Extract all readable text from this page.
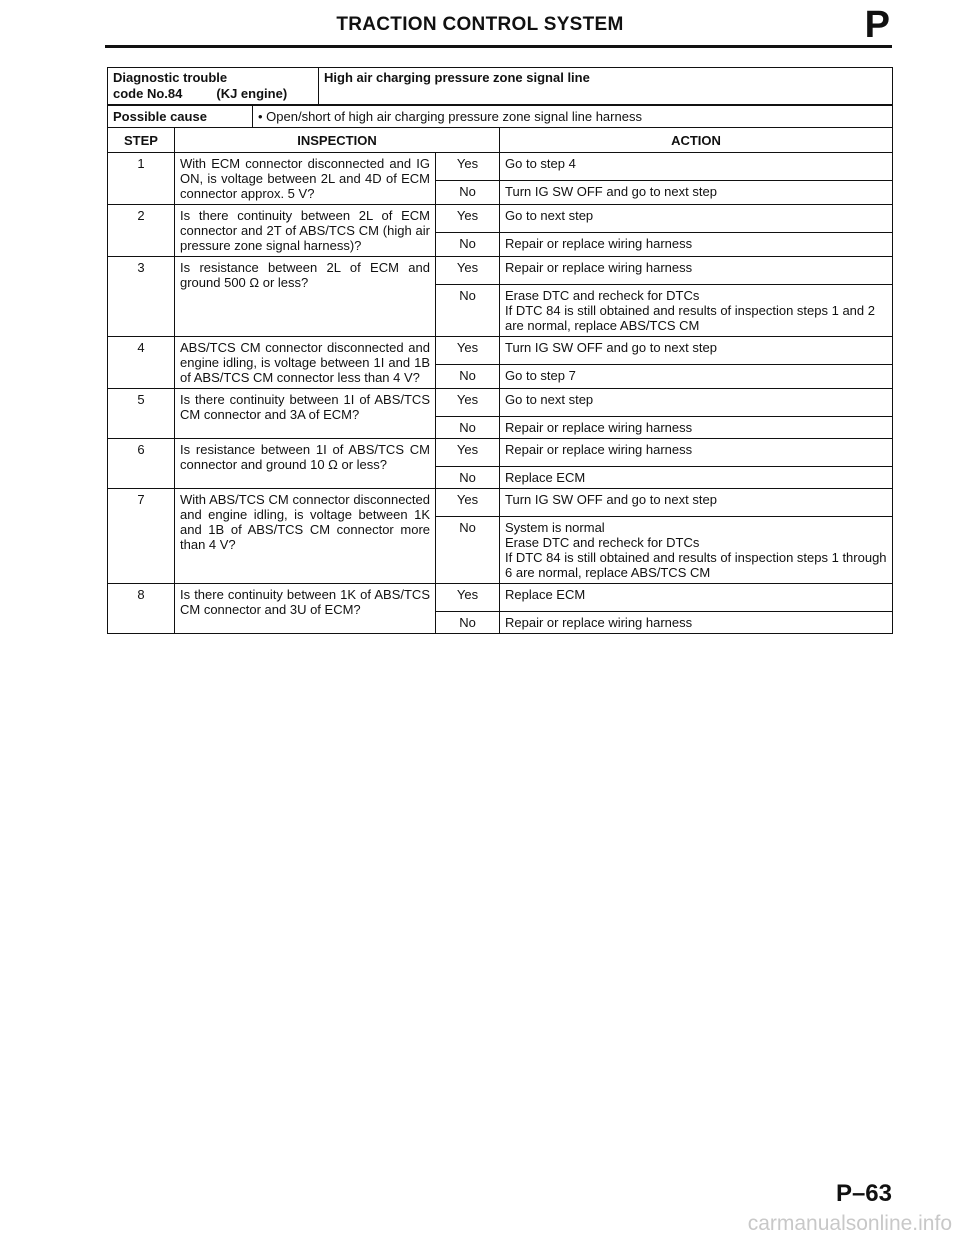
TRACTION CONTROL SYSTEM	P
Diagnostic trouble
code No.84	(KJ engine)
	High air charging pressure zone signal line
Possible cause	• Open/short of high air charging pressure zone signal line harness
STEP	INSPECTION		ACTION
1	With ECM connector disconnected and IG ON, is voltage between 2L and 4D of ECM connector approx. 5 V?	Yes	Go to step 4
		No	Turn IG SW OFF and go to next step
2	Is there continuity between 2L of ECM connector and 2T of ABS/TCS CM (high air pressure zone signal harness)?	Yes	Go to next step
		No	Repair or replace wiring harness
3	Is resistance between 2L of ECM and ground 500 Ω or less?	Yes	Repair or replace wiring harness
		No	Erase DTC and recheck for DTCs
If DTC 84 is still obtained and results of inspection steps 1 and 2 are normal, replace ABS/TCS CM
4	ABS/TCS CM connector disconnected and engine idling, is voltage between 1I and 1B of ABS/TCS CM connector less than 4 V?	Yes	Turn IG SW OFF and go to next step
		No	Go to step 7
5	Is there continuity between 1I of ABS/TCS CM connector and 3A of ECM?	Yes	Go to next step
		No	Repair or replace wiring harness
6	Is resistance between 1I of ABS/TCS CM connector and ground 10 Ω or less?	Yes	Repair or replace wiring harness
		No	Replace ECM
7	With ABS/TCS CM connector disconnected and engine idling, is voltage between 1K and 1B of ABS/TCS CM connector more than 4 V?	Yes	Turn IG SW OFF and go to next step
		No	System is normal
Erase DTC and recheck for DTCs
If DTC 84 is still obtained and results of inspection steps 1 through 6 are normal, replace ABS/TCS CM
8	Is there continuity between 1K of ABS/TCS CM connector and 3U of ECM?	Yes	Replace ECM
		No	Repair or replace wiring harness
P–63
carmanualsonline.info
